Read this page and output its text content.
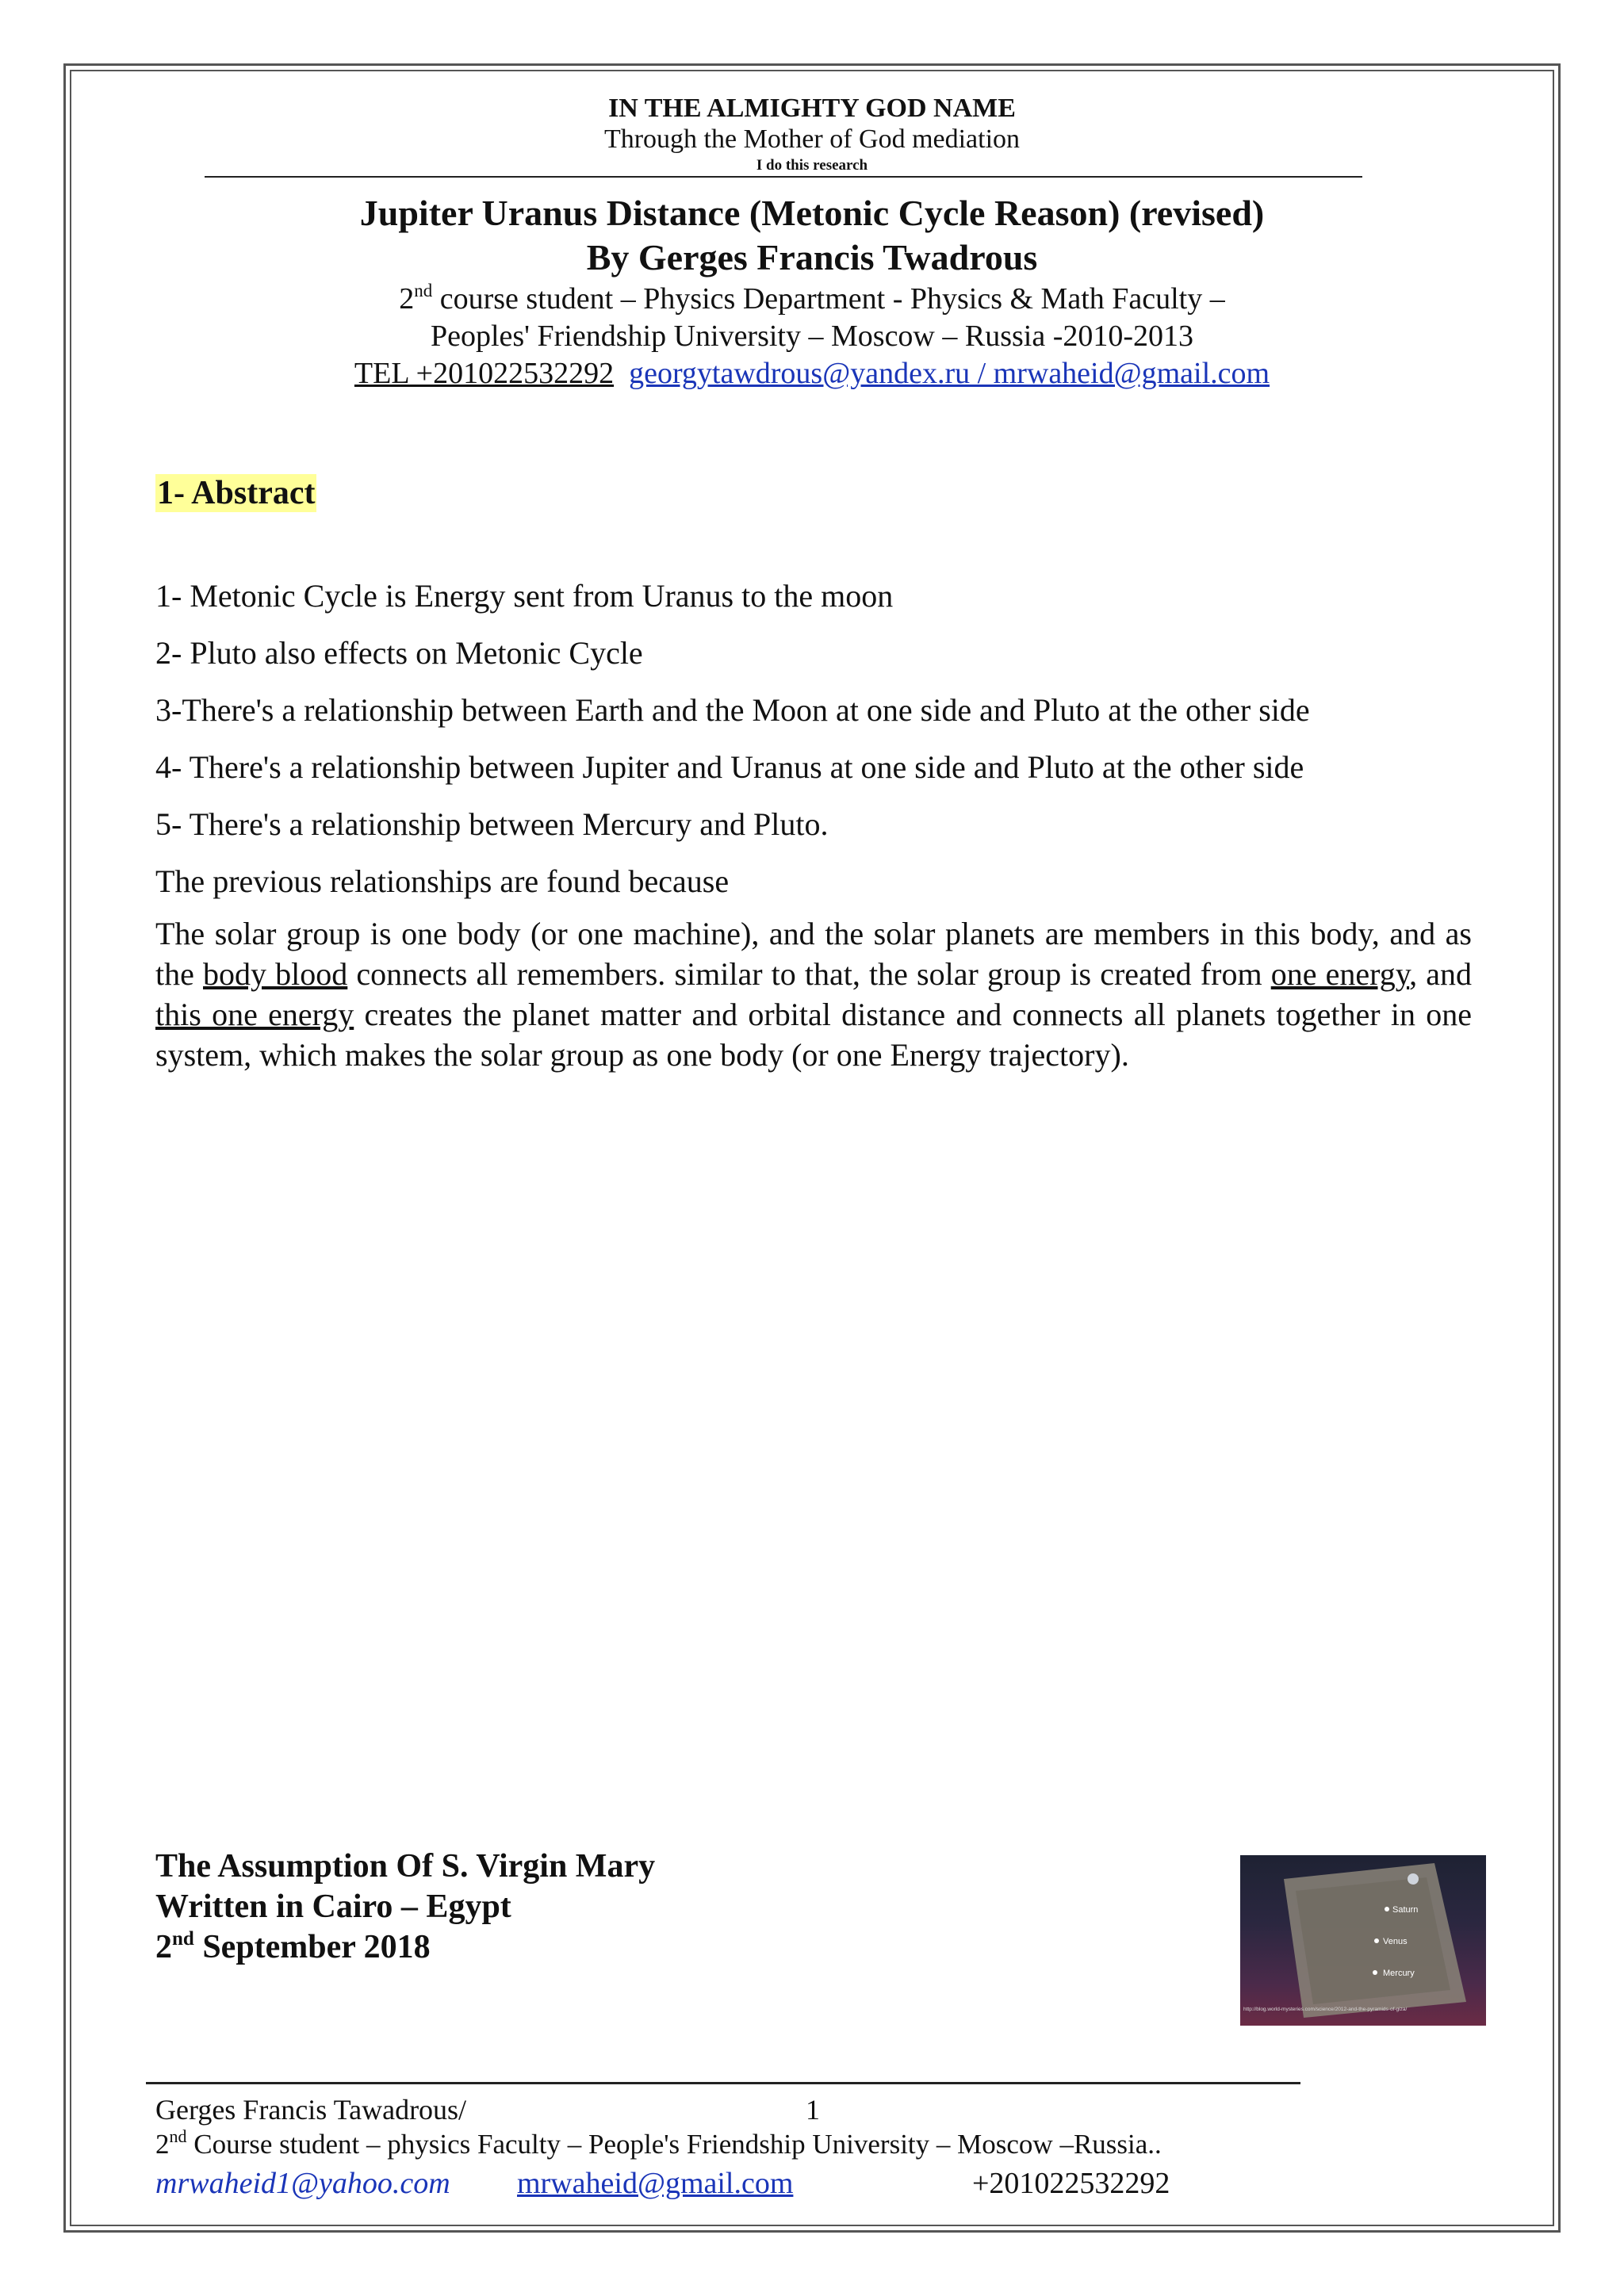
IN THE ALMIGHTY GOD NAME
Through the Mother of God mediation
I do this research
Jupiter Uranus Distance (Metonic Cycle Reason) (revised)
By Gerges Francis Twadrous
2nd course student – Physics Department - Physics & Math Faculty –
Peoples' Friendship University – Moscow – Russia -2010-2013
TEL +201022532292 georgytawdrous@yandex.ru / mrwaheid@gmail.com
1- Abstract
1- Metonic Cycle is Energy sent from Uranus to the moon
2- Pluto also effects on Metonic Cycle
3-There's a relationship between Earth and the Moon at one side and Pluto at the other side
4- There's a relationship between Jupiter and Uranus at one side and Pluto at the other side
5- There's a relationship between Mercury and Pluto.
The previous relationships are found because
The solar group is one body (or one machine), and the solar planets are members in this body, and as the body blood connects all remembers. similar to that, the solar group is created from one energy, and this one energy creates the planet matter and orbital distance and connects all planets together in one system, which makes the solar group as one body (or one Energy trajectory).
The Assumption Of S. Virgin Mary
Written in Cairo – Egypt
2nd September 2018
Saturn
Venus
Mercury
http://blog.world-mysteries.com/science/2012-and-the-pyramids-of-giza/
Gerges Francis Tawadrous/	1
2nd Course student – physics Faculty – People's Friendship University – Moscow –Russia..
mrwaheid1@yahoo.com mrwaheid@gmail.com	+201022532292
